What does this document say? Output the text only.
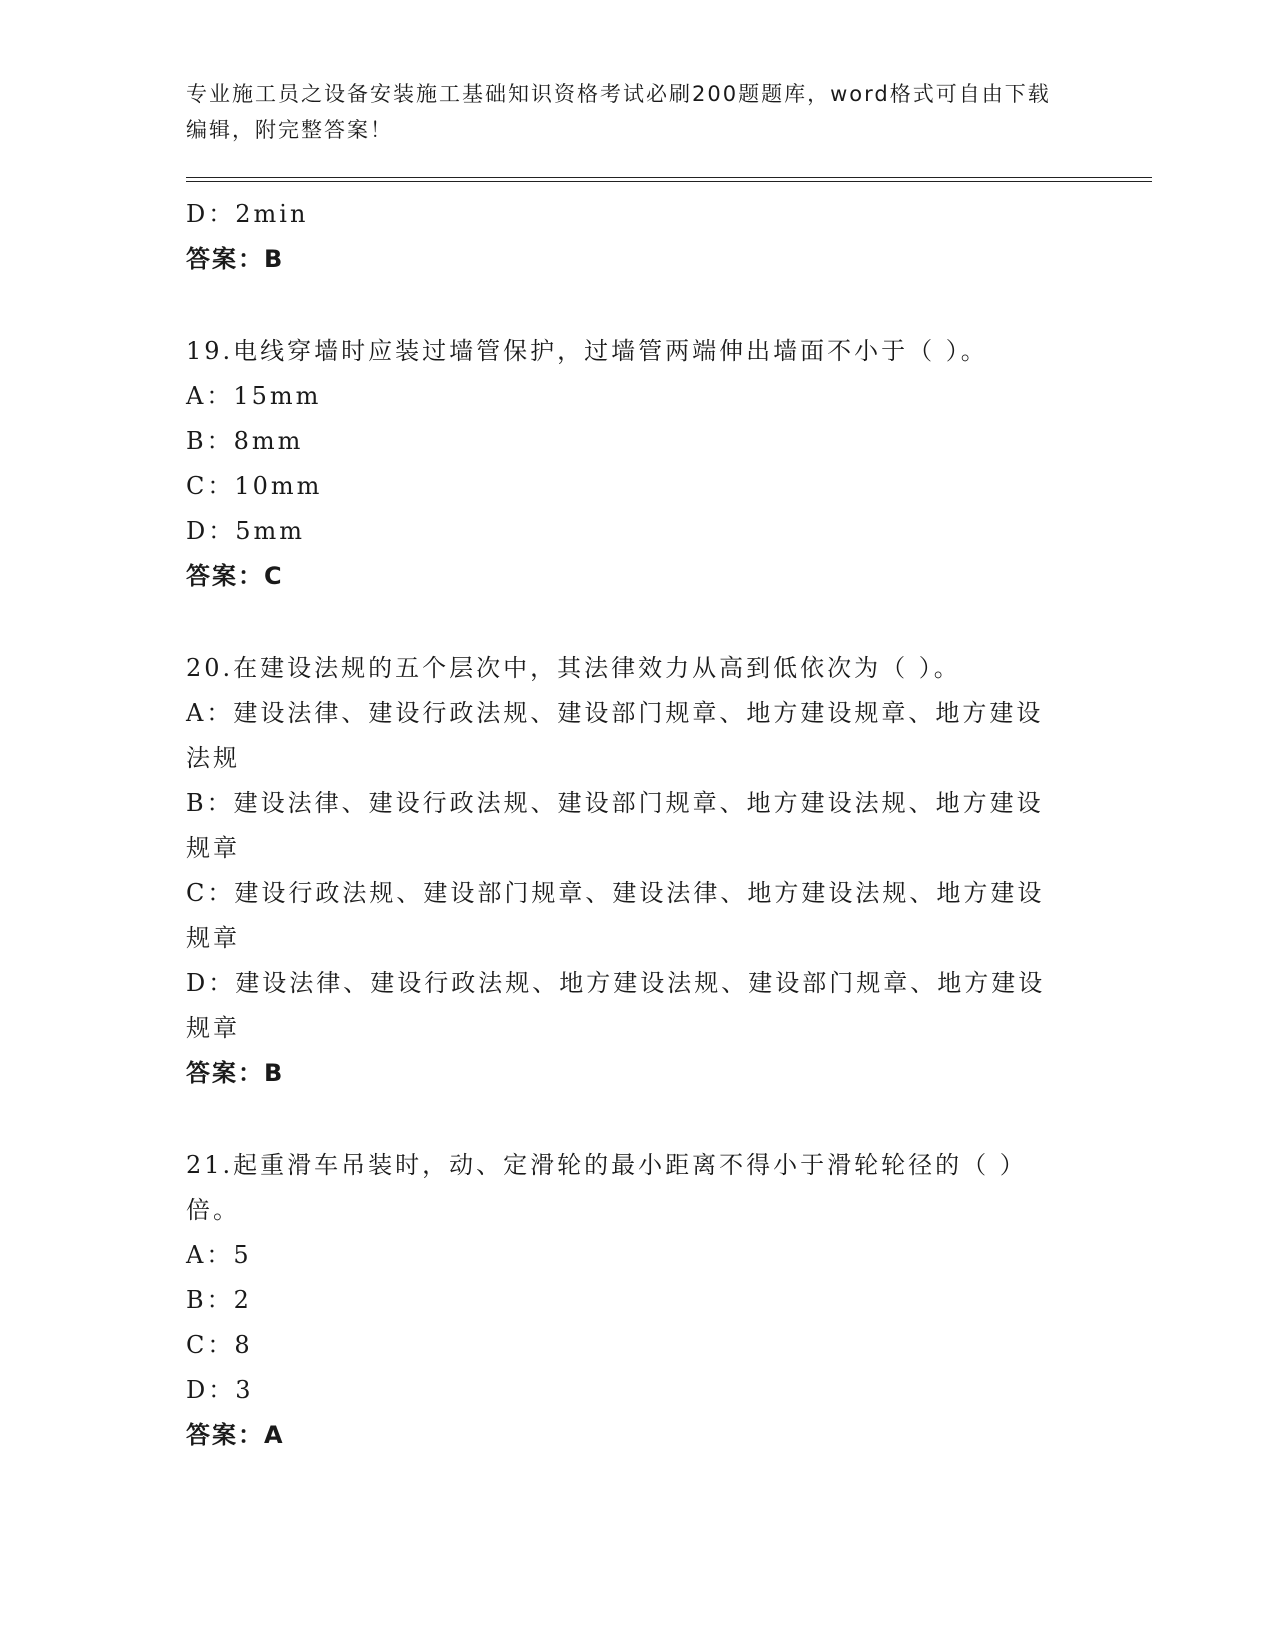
专业施工员之设备安装施工基础知识资格考试必刷200题题库，word格式可自由下载编辑，附完整答案！
D：2min
答案：B
19.电线穿墙时应装过墙管保护，过墙管两端伸出墙面不小于（ ）。
A：15mm
B：8mm
C：10mm
D：5mm
答案：C
20.在建设法规的五个层次中，其法律效力从高到低依次为（ ）。
A：建设法律、建设行政法规、建设部门规章、地方建设规章、地方建设法规
B：建设法律、建设行政法规、建设部门规章、地方建设法规、地方建设规章
C：建设行政法规、建设部门规章、建设法律、地方建设法规、地方建设规章
D：建设法律、建设行政法规、地方建设法规、建设部门规章、地方建设规章
答案：B
21.起重滑车吊装时，动、定滑轮的最小距离不得小于滑轮轮径的（ ）倍。
A：5
B：2
C：8
D：3
答案：A
